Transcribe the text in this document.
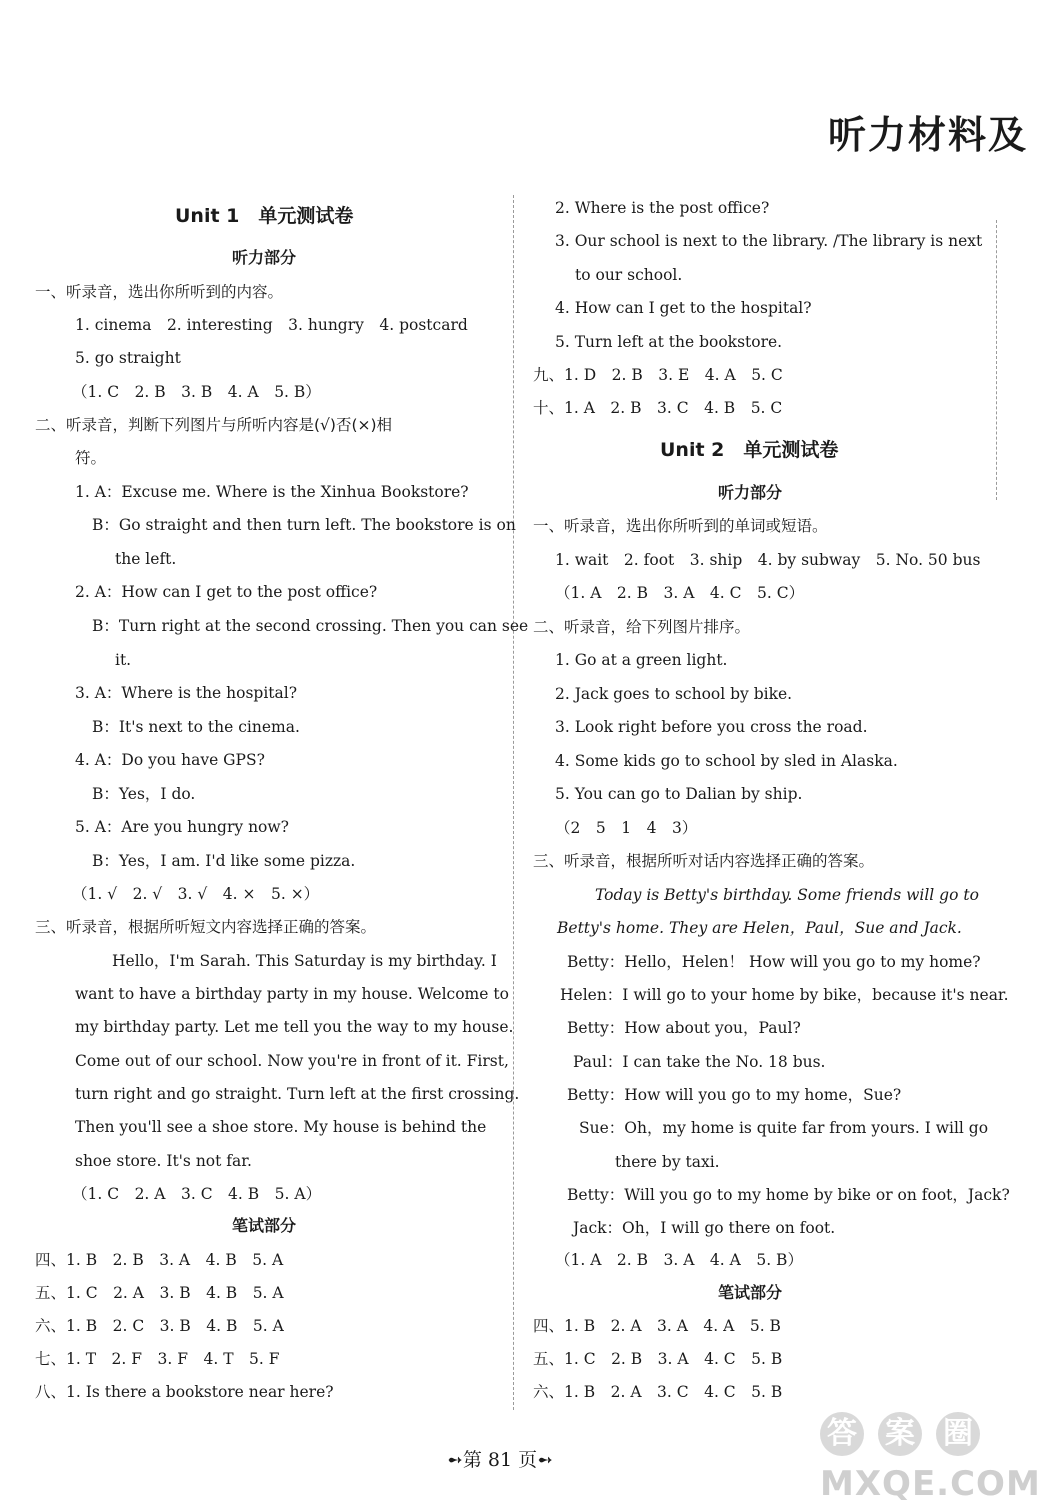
听力材料及
Unit 1　单元测试卷
听力部分
一、听录音，选出你所听到的内容。
1. cinema　2. interesting　3. hungry　4. postcard
5. go straight
（1. C　2. B　3. B　4. A　5. B）
二、听录音，判断下列图片与所听内容是(√)否(×)相
符。
1. A：Excuse me. Where is the Xinhua Bookstore?
B：Go straight and then turn left. The bookstore is on
the left.
2. A：How can I get to the post office?
B：Turn right at the second crossing. Then you can see
it.
3. A：Where is the hospital?
B：It's next to the cinema.
4. A：Do you have GPS?
B：Yes，I do.
5. A：Are you hungry now?
B：Yes，I am. I'd like some pizza.
（1. √　2. √　3. √　4. ×　5. ×）
三、听录音，根据所听短文内容选择正确的答案。
Hello，I'm Sarah. This Saturday is my birthday. I
want to have a birthday party in my house. Welcome to
my birthday party. Let me tell you the way to my house.
Come out of our school. Now you're in front of it. First,
turn right and go straight. Turn left at the first crossing.
Then you'll see a shoe store. My house is behind the
shoe store. It's not far.
（1. C　2. A　3. C　4. B　5. A）
笔试部分
四、1. B　2. B　3. A　4. B　5. A
五、1. C　2. A　3. B　4. B　5. A
六、1. B　2. C　3. B　4. B　5. A
七、1. T　2. F　3. F　4. T　5. F
八、1. Is there a bookstore near here?
2. Where is the post office?
3. Our school is next to the library. /The library is next
to our school.
4. How can I get to the hospital?
5. Turn left at the bookstore.
九、1. D　2. B　3. E　4. A　5. C
十、1. A　2. B　3. C　4. B　5. C
Unit 2　单元测试卷
听力部分
一、听录音，选出你所听到的单词或短语。
1. wait　2. foot　3. ship　4. by subway　5. No. 50 bus
（1. A　2. B　3. A　4. C　5. C）
二、听录音，给下列图片排序。
1. Go at a green light.
2. Jack goes to school by bike.
3. Look right before you cross the road.
4. Some kids go to school by sled in Alaska.
5. You can go to Dalian by ship.
（2　5　1　4　3）
三、听录音，根据所听对话内容选择正确的答案。
Today is Betty's birthday. Some friends will go to
Betty's home. They are Helen，Paul，Sue and Jack.
Betty：Hello，Helen！ How will you go to my home?
Helen：I will go to your home by bike，because it's near.
Betty：How about you，Paul?
Paul：I can take the No. 18 bus.
Betty：How will you go to my home，Sue?
Sue：Oh，my home is quite far from yours. I will go
there by taxi.
Betty：Will you go to my home by bike or on foot，Jack?
Jack：Oh，I will go there on foot.
（1. A　2. B　3. A　4. A　5. B）
笔试部分
四、1. B　2. A　3. A　4. A　5. B
五、1. C　2. B　3. A　4. C　5. B
六、1. B　2. A　3. C　4. C　5. B
➻第 81 页➻
答 案 圈
MXQE.COM
